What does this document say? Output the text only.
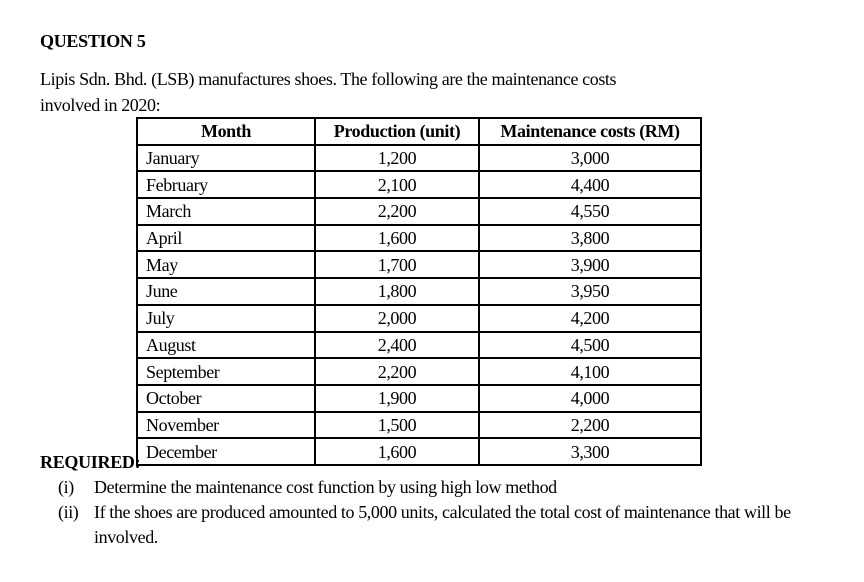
QUESTION 5
Lipis Sdn. Bhd. (LSB) manufactures shoes. The following are the maintenance costs
involved in 2020:
Month	Production (unit)	Maintenance costs (RM)
January	1,200	3,000
February	2,100	4,400
March	2,200	4,550
April	1,600	3,800
May	1,700	3,900
June	1,800	3,950
July	2,000	4,200
August	2,400	4,500
September	2,200	4,100
October	1,900	4,000
November	1,500	2,200
December	1,600	3,300
REQUIRED:
(i)	Determine the maintenance cost function by using high low method
(ii) If the shoes are produced amounted to 5,000 units, calculated the total cost of maintenance that will be involved.
